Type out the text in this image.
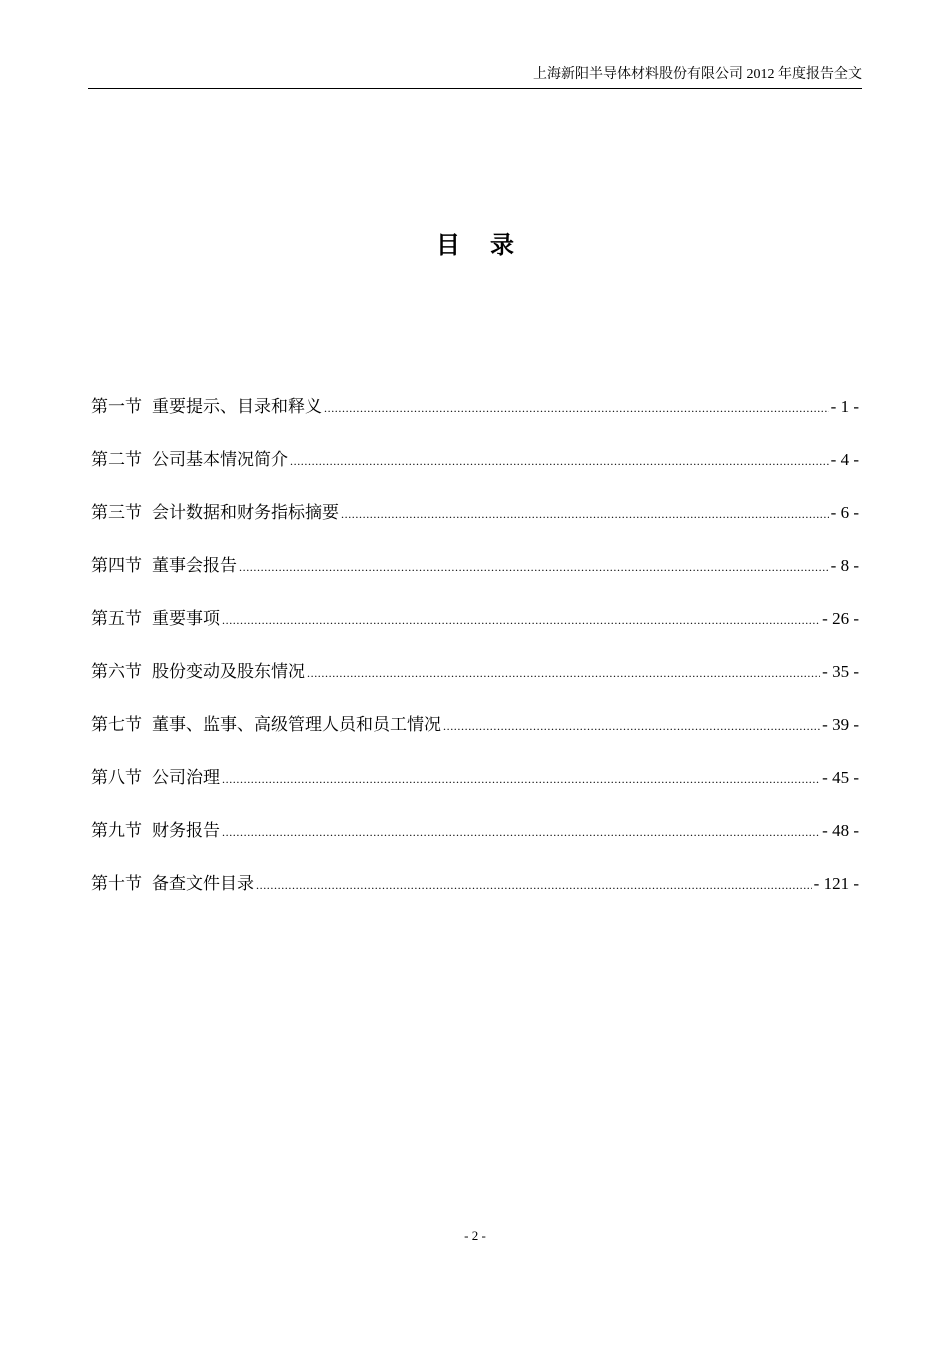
上海新阳半导体材料股份有限公司 2012 年度报告全文
目录
第一节 重要提示、目录和释义 .....	- 1 -
第二节 公司基本情况简介 .....	- 4 -
第三节 会计数据和财务指标摘要 .....	- 6 -
第四节 董事会报告 .....	- 8 -
第五节 重要事项 .....	- 26 -
第六节 股份变动及股东情况 .....	- 35 -
第七节 董事、监事、高级管理人员和员工情况 .....	- 39 -
第八节 公司治理 .....	- 45 -
第九节 财务报告 .....	- 48 -
第十节 备查文件目录 .....	- 121 -
- 2 -
